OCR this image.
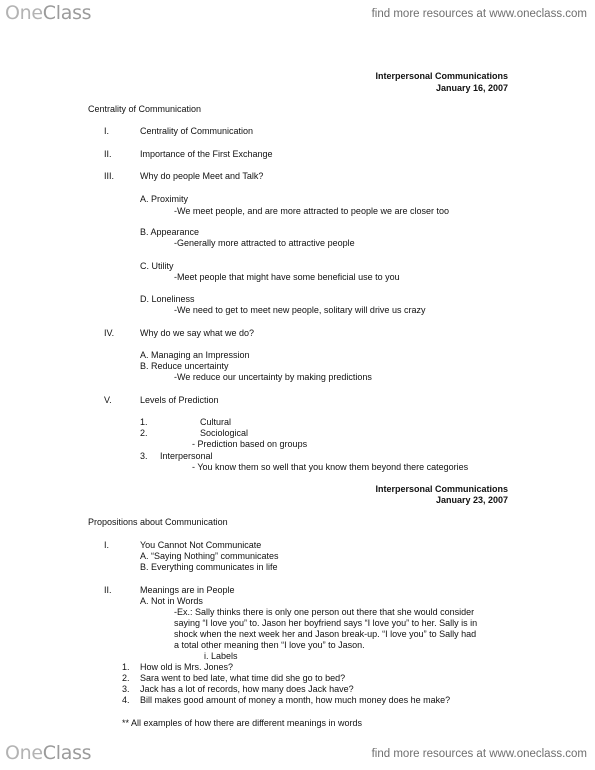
OneClass	find more resources at www.oneclass.com
Interpersonal Communications
January 16, 2007
Centrality of Communication
I.	Centrality of Communication
II.	Importance of the First Exchange
III.	Why do people Meet and Talk?
A. Proximity
-We meet people, and are more attracted to people we are closer too
B. Appearance
-Generally more attracted to attractive people
C. Utility
-Meet people that might have some beneficial use to you
D. Loneliness
-We need to get to meet new people, solitary will drive us crazy
IV.	Why do we say what we do?
A. Managing an Impression
B. Reduce uncertainty
-We reduce our uncertainty by making predictions
V.	Levels of Prediction
1.	Cultural
2.	Sociological
- Prediction based on groups
3. Interpersonal
- You know them so well that you know them beyond there categories
Interpersonal Communications
January 23, 2007
Propositions about Communication
I.	You Cannot Not Communicate
A. “Saying Nothing” communicates
B. Everything communicates in life
II.	Meanings are in People
A. Not in Words
-Ex.: Sally thinks there is only one person out there that she would consider
saying “I love you” to. Jason her boyfriend says “I love you” to her. Sally is in
shock when the next week her and Jason break-up. “I love you” to Sally had
a total other meaning then “I love you” to Jason.
i. Labels
1. How old is Mrs. Jones?
2. Sara went to bed late, what time did she go to bed?
3. Jack has a lot of records, how many does Jack have?
4. Bill makes good amount of money a month, how much money does he make?
** All examples of how there are different meanings in words
OneClass	find more resources at www.oneclass.com
